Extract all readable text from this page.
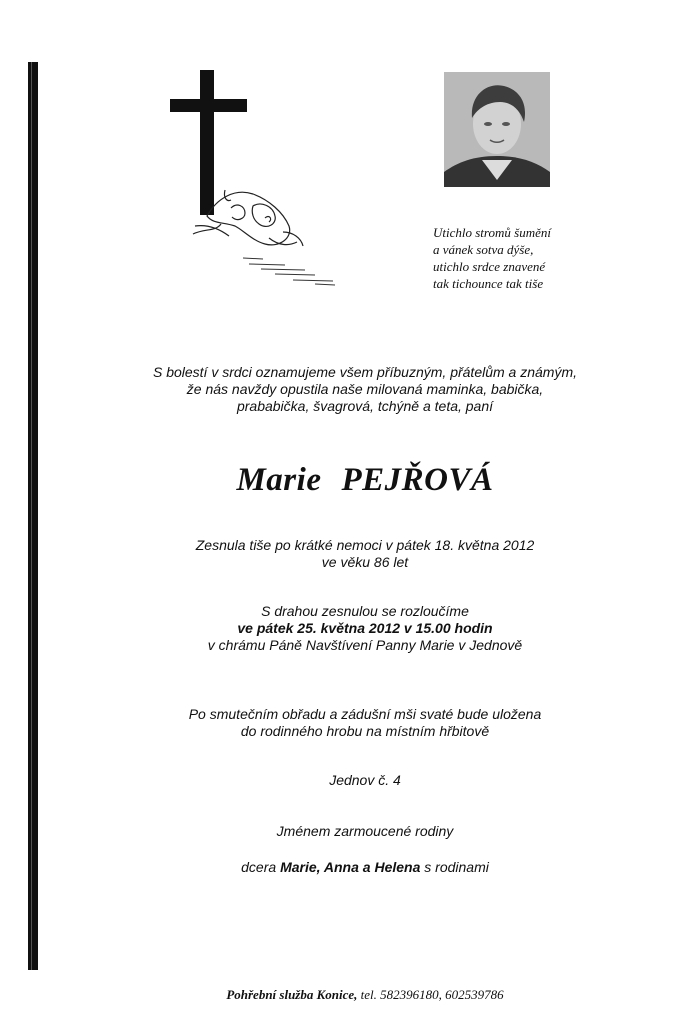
Utichlo stromů šumění
a vánek sotva dýše,
utichlo srdce znavené
tak tichounce tak tiše
S bolestí v srdci oznamujeme všem příbuzným, přátelům a známým,
že nás navždy opustila naše milovaná maminka, babička,
prababička, švagrová, tchýně a teta, paní
Marie PEJŘOVÁ
Zesnula tiše po krátké nemoci v pátek 18. května 2012
ve věku 86 let
S drahou zesnulou se rozloučíme
ve pátek 25. května 2012 v 15.00 hodin
v chrámu Páně Navštívení Panny Marie v Jednově
Po smutečním obřadu a zádušní mši svaté bude uložena
do rodinného hrobu na místním hřbitově
Jednov č. 4
Jménem zarmoucené rodiny
dcera Marie, Anna a Helena s rodinami
Pohřební služba Konice, tel. 582396180, 602539786
